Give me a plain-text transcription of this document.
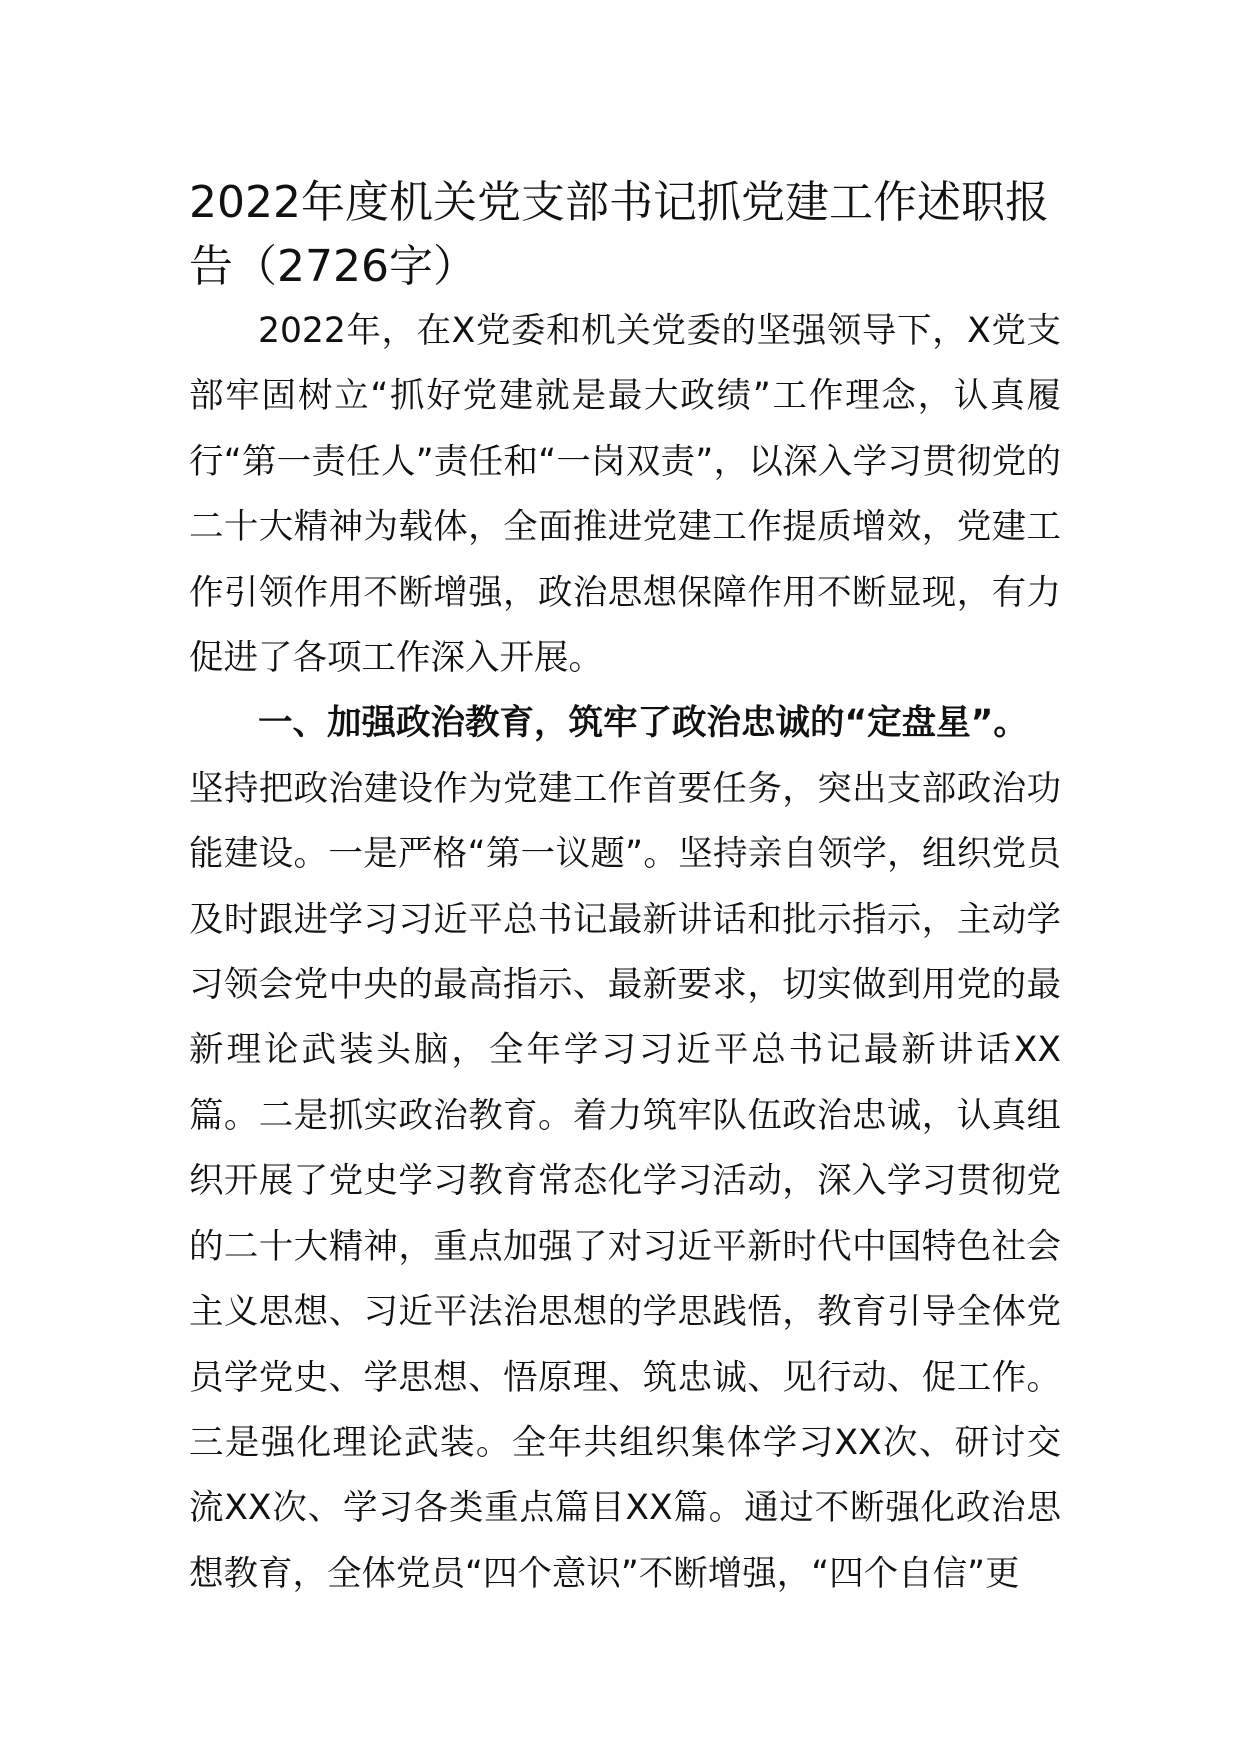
2022年度机关党支部书记抓党建工作述职报告（2726字）

2022年，在X党委和机关党委的坚强领导下，X党支部牢固树立“抓好党建就是最大政绩”工作理念，认真履行“第一责任人”责任和“一岗双责”，以深入学习贯彻党的二十大精神为载体，全面推进党建工作提质增效，党建工作引领作用不断增强，政治思想保障作用不断显现，有力促进了各项工作深入开展。

一、加强政治教育，筑牢了政治忠诚的“定盘星”。

坚持把政治建设作为党建工作首要任务，突出支部政治功能建设。一是严格“第一议题”。坚持亲自领学，组织党员及时跟进学习习近平总书记最新讲话和批示指示，主动学习领会党中央的最高指示、最新要求，切实做到用党的最新理论武装头脑，全年学习习近平总书记最新讲话XX篇。二是抓实政治教育。着力筑牢队伍政治忠诚，认真组织开展了党史学习教育常态化学习活动，深入学习贯彻党的二十大精神，重点加强了对习近平新时代中国特色社会主义思想、习近平法治思想的学思践悟，教育引导全体党员学党史、学思想、悟原理、筑忠诚、见行动、促工作。三是强化理论武装。全年共组织集体学习XX次、研讨交流XX次、学习各类重点篇目XX篇。通过不断强化政治思想教育，全体党员“四个意识”不断增强，“四个自信”更
